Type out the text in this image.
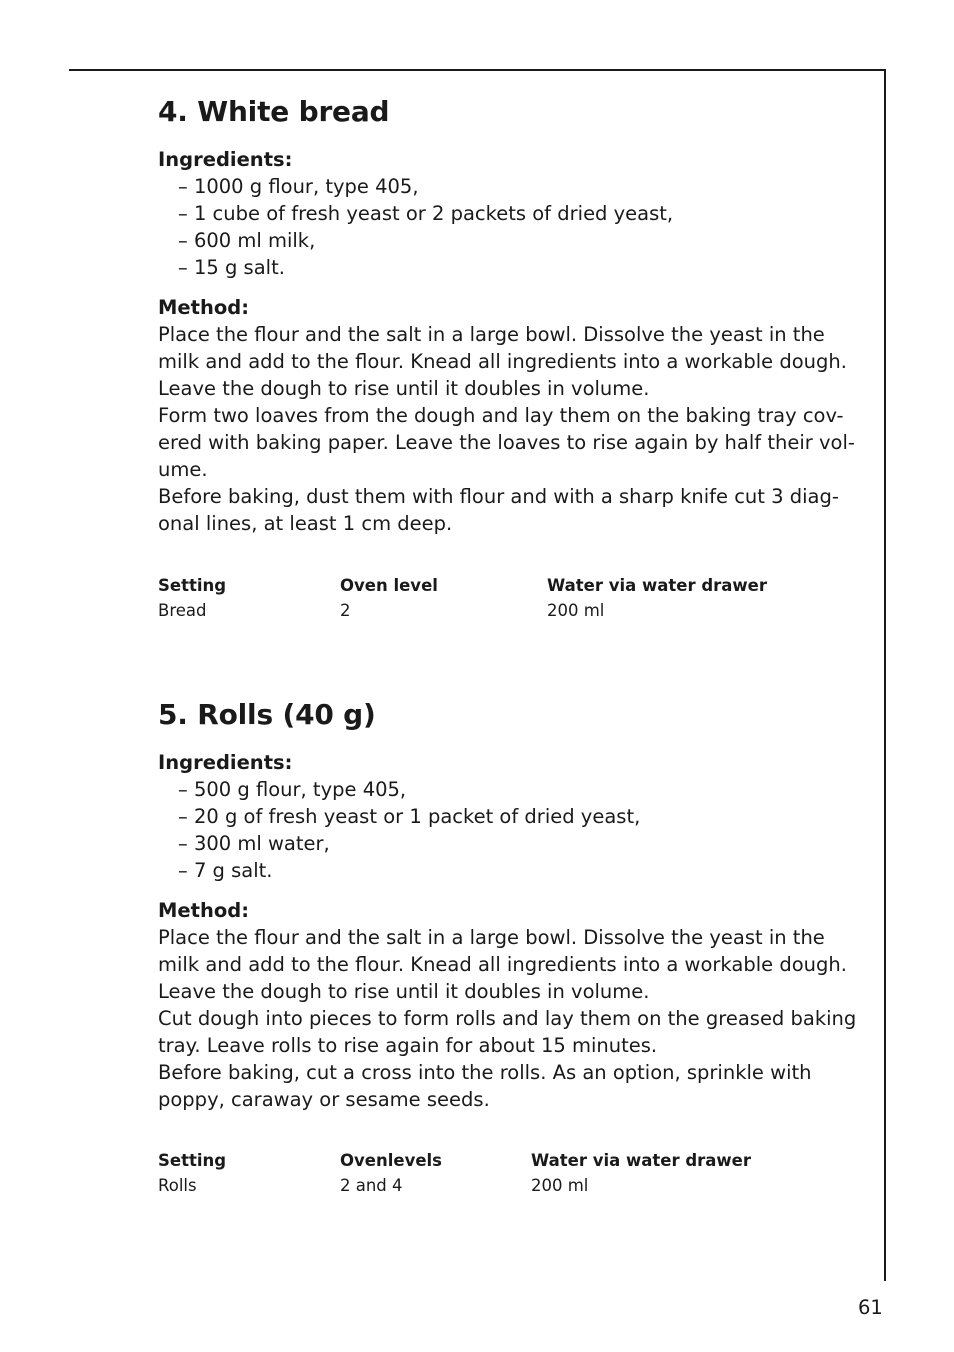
4. White bread

Ingredients:

– 1000 g flour, type 405,
– 1 cube of fresh yeast or 2 packets of dried yeast,
– 600 ml milk,
– 15 g salt.

Method:

Place the flour and the salt in a large bowl. Dissolve the yeast in the
milk and add to the flour. Knead all ingredients into a workable dough.
Leave the dough to rise until it doubles in volume.
Form two loaves from the dough and lay them on the baking tray cov-
ered with baking paper. Leave the loaves to rise again by half their vol-
ume.
Before baking, dust them with flour and with a sharp knife cut 3 diag-
onal lines, at least 1 cm deep.

Setting	Oven level	Water via water drawer
Bread	2	200 ml
5. Rolls (40 g)

Ingredients:

– 500 g flour, type 405,
– 20 g of fresh yeast or 1 packet of dried yeast,
– 300 ml water,
– 7 g salt.

Method:

Place the flour and the salt in a large bowl. Dissolve the yeast in the
milk and add to the flour. Knead all ingredients into a workable dough.
Leave the dough to rise until it doubles in volume.
Cut dough into pieces to form rolls and lay them on the greased baking
tray. Leave rolls to rise again for about 15 minutes.
Before baking, cut a cross into the rolls. As an option, sprinkle with
poppy, caraway or sesame seeds.

Setting	Ovenlevels	Water via water drawer
Rolls	2 and 4	200 ml
61
